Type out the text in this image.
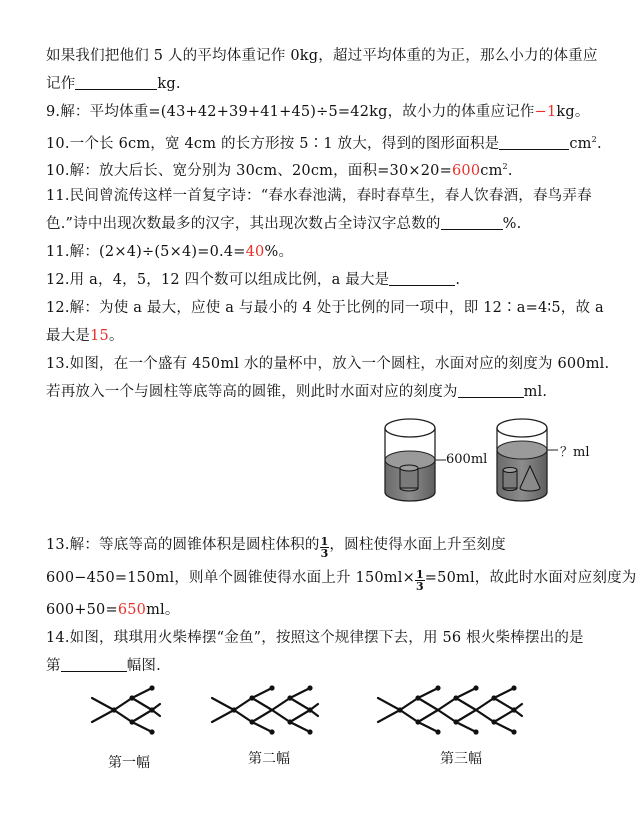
如果我们把他们 5 人的平均体重记作 0kg，超过平均体重的为正，那么小力的体重应
记作	kg.
9.解：平均体重=(43+42+39+41+45)÷5=42kg，故小力的体重应记作−1kg。
10.一个长 6cm，宽 4cm 的长方形按 5∶1 放大，得到的图形面积是	$cm^2$.
10.解：放大后长、宽分别为 30cm、20cm，面积$=30\times 20=600cm^2$.
11.民间曾流传这样一首复字诗：“春水春池满，春时春草生，春人饮春酒，春鸟弄春
色.”诗中出现次数最多的汉字，其出现次数占全诗汉字总数的	%.
11.解：(2×4)÷(5×4)=0.4=40%。
12.用 a，4，5，12 四个数可以组成比例，a 最大是	.
12.解：为使 a 最大，应使 a 与最小的 4 处于比例的同一项中，即 12∶a=4∶5，故 a
最大是15。
13.如图，在一个盛有 450ml 水的量杯中，放入一个圆柱，水面对应的刻度为 600ml.
若再放入一个与圆柱等底等高的圆锥，则此时水面对应的刻度为	ml.
600ml	？ml
13.解：等底等高的圆锥体积是圆柱体积的 $\frac{1}{3}$ ，圆柱使得水面上升至刻度
600−450=150ml，则单个圆锥使得水面上升 $150ml\times \frac{1}{3} =50ml$，故此时水面对应刻度为
600+50=650ml。
14.如图，琪琪用火柴棒摆“金鱼”，按照这个规律摆下去，用 56 根火柴棒摆出的是
第	幅图.
第一幅	第二幅	第三幅
